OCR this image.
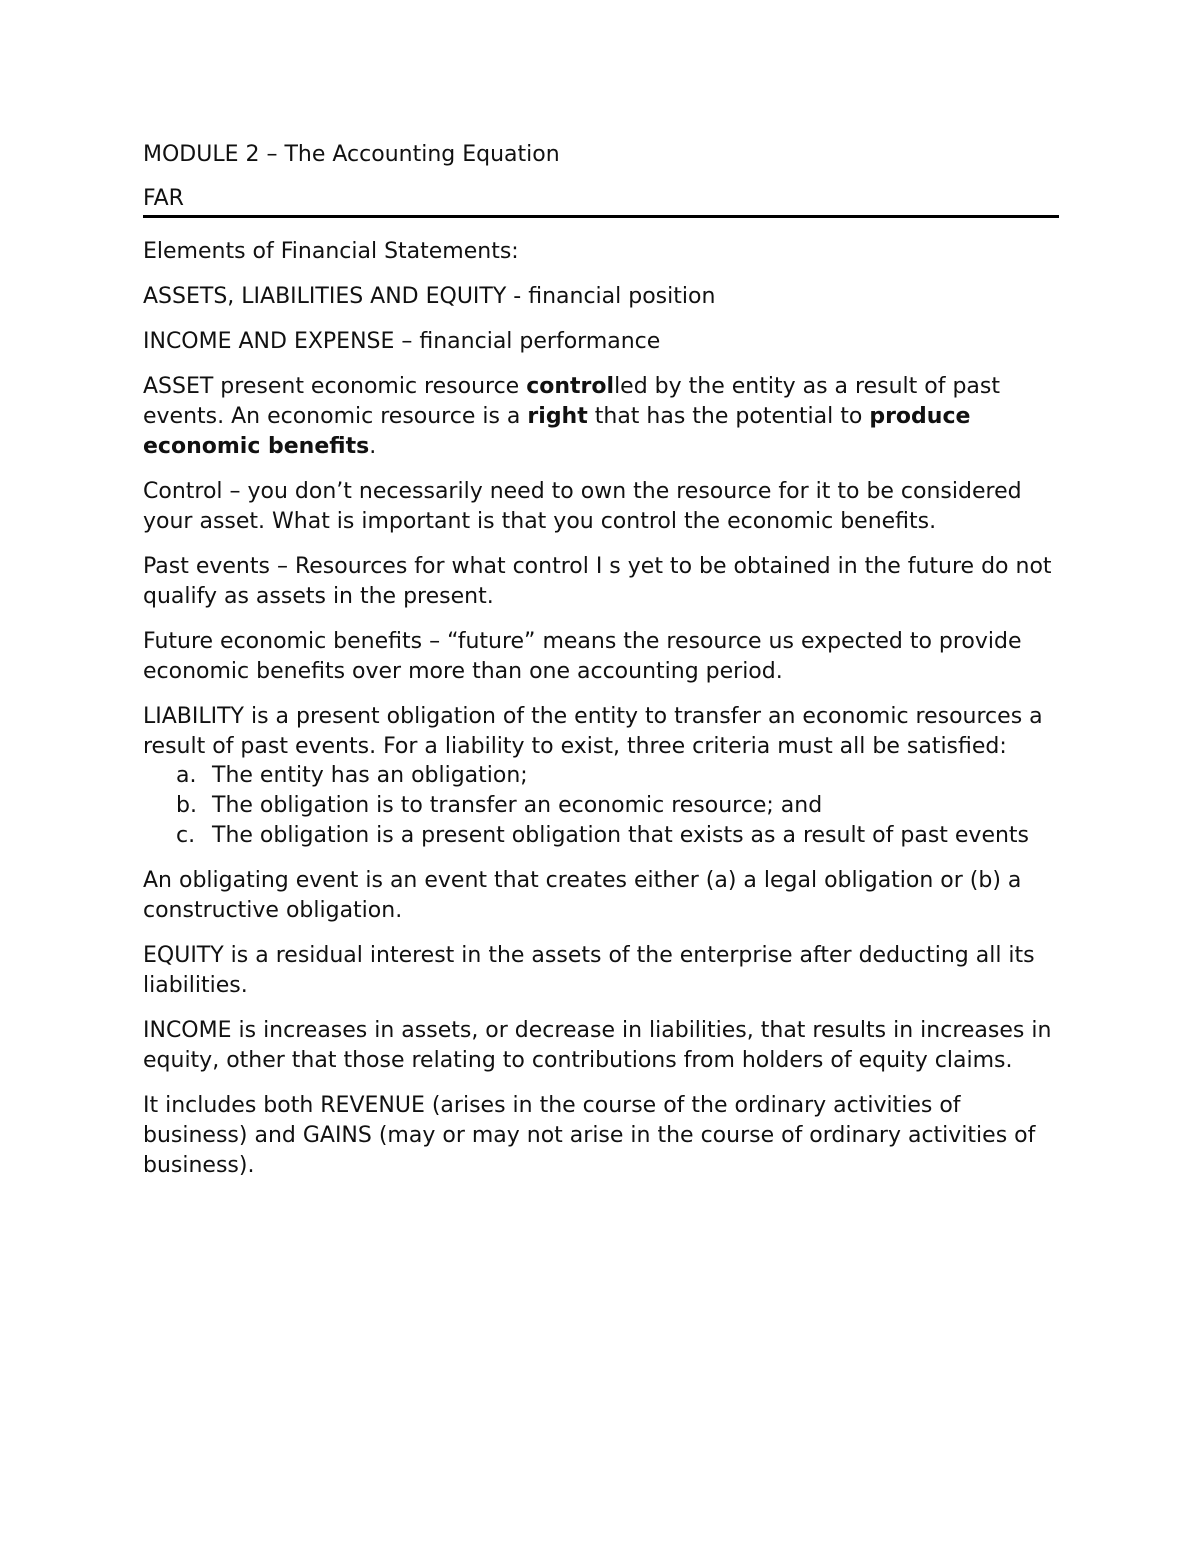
MODULE 2 – The Accounting Equation

FAR

Elements of Financial Statements:

ASSETS, LIABILITIES AND EQUITY - financial position

INCOME AND EXPENSE – financial performance

ASSET present economic resource controlled by the entity as a result of past events. An economic resource is a right that has the potential to produce economic benefits.

Control – you don’t necessarily need to own the resource for it to be considered your asset. What is important is that you control the economic benefits.

Past events – Resources for what control I s yet to be obtained in the future do not qualify as assets in the present.

Future economic benefits – “future” means the resource us expected to provide economic benefits over more than one accounting period.

LIABILITY is a present obligation of the entity to transfer an economic resources a result of past events. For a liability to exist, three criteria must all be satisfied:

a. The entity has an obligation;
b. The obligation is to transfer an economic resource; and
c. The obligation is a present obligation that exists as a result of past events

An obligating event is an event that creates either (a) a legal obligation or (b) a constructive obligation.

EQUITY is a residual interest in the assets of the enterprise after deducting all its liabilities.

INCOME is increases in assets, or decrease in liabilities, that results in increases in equity, other that those relating to contributions from holders of equity claims.

It includes both REVENUE (arises in the course of the ordinary activities of business) and GAINS (may or may not arise in the course of ordinary activities of business).
